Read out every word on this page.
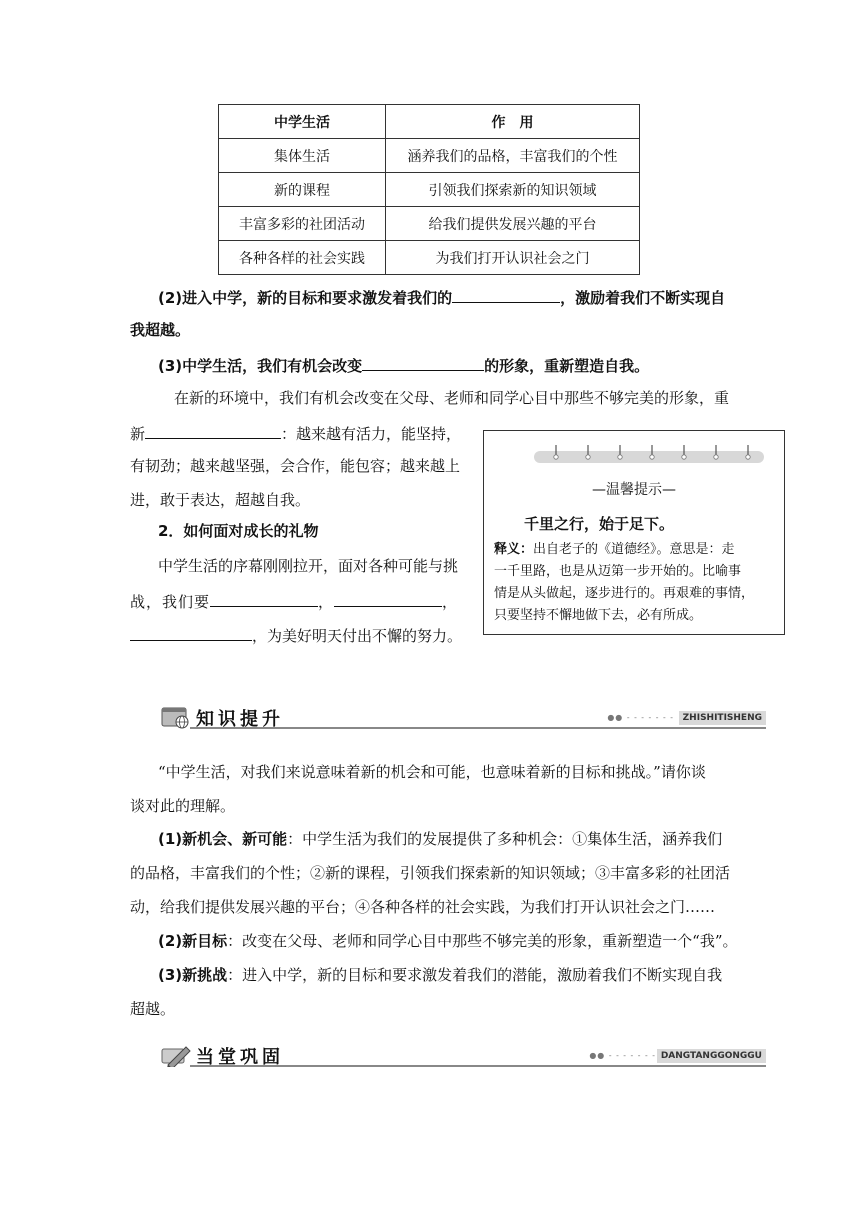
中学生活	作　用
集体生活	涵养我们的品格，丰富我们的个性
新的课程	引领我们探索新的知识领域
丰富多彩的社团活动	给我们提供发展兴趣的平台
各种各样的社会实践	为我们打开认识社会之门
(2)进入中学，新的目标和要求激发着我们的	，激励着我们不断实现自
我超越。
(3)中学生活，我们有机会改变	的形象，重新塑造自我。
在新的环境中，我们有机会改变在父母、老师和同学心目中那些不够完美的形象，重
新	：越来越有活力，能坚持，
有韧劲；越来越坚强，会合作，能包容；越来越上
进，敢于表达，超越自我。
2．如何面对成长的礼物
中学生活的序幕刚刚拉开，面对各种可能与挑
战，我们要	，	，
，为美好明天付出不懈的努力。
—温馨提示—
千里之行，始于足下。
释义：出自老子的《道德经》。意思是：走
一千里路，也是从迈第一步开始的。比喻事
情是从头做起，逐步进行的。再艰难的事情，
只要坚持不懈地做下去，必有所成。
知识提升	●● - - - - - - - ZHISHITISHENG
“中学生活，对我们来说意味着新的机会和可能，也意味着新的目标和挑战。”请你谈
谈对此的理解。
(1)新机会、新可能：中学生活为我们的发展提供了多种机会：①集体生活，涵养我们
的品格，丰富我们的个性；②新的课程，引领我们探索新的知识领域；③丰富多彩的社团活
动，给我们提供发展兴趣的平台；④各种各样的社会实践，为我们打开认识社会之门……
(2)新目标：改变在父母、老师和同学心目中那些不够完美的形象，重新塑造一个“我”。
(3)新挑战：进入中学，新的目标和要求激发着我们的潜能，激励着我们不断实现自我
超越。
当堂巩固	●● - - - - - - - DANGTANGGONGGU
